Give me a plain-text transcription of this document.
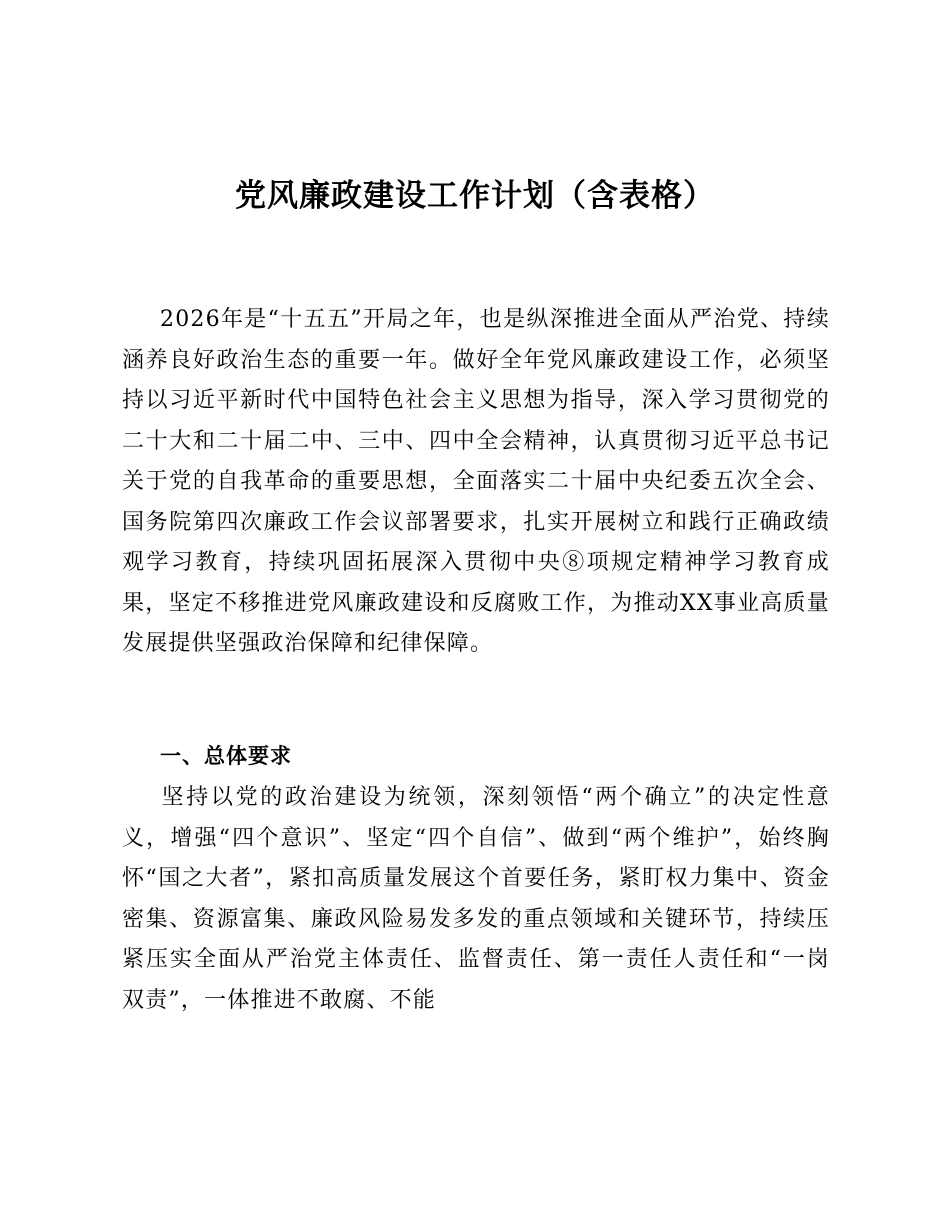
党风廉政建设工作计划（含表格）

2026年是“十五五”开局之年，也是纵深推进全面从严治党、持续涵养良好政治生态的重要一年。做好全年党风廉政建设工作，必须坚持以习近平新时代中国特色社会主义思想为指导，深入学习贯彻党的二十大和二十届二中、三中、四中全会精神，认真贯彻习近平总书记关于党的自我革命的重要思想，全面落实二十届中央纪委五次全会、国务院第四次廉政工作会议部署要求，扎实开展树立和践行正确政绩观学习教育，持续巩固拓展深入贯彻中央⑧项规定精神学习教育成果，坚定不移推进党风廉政建设和反腐败工作，为推动XX事业高质量发展提供坚强政治保障和纪律保障。

一、总体要求

坚持以党的政治建设为统领，深刻领悟“两个确立”的决定性意义，增强“四个意识”、坚定“四个自信”、做到“两个维护”，始终胸怀“国之大者”，紧扣高质量发展这个首要任务，紧盯权力集中、资金密集、资源富集、廉政风险易发多发的重点领域和关键环节，持续压紧压实全面从严治党主体责任、监督责任、第一责任人责任和“一岗双责”，一体推进不敢腐、不能
